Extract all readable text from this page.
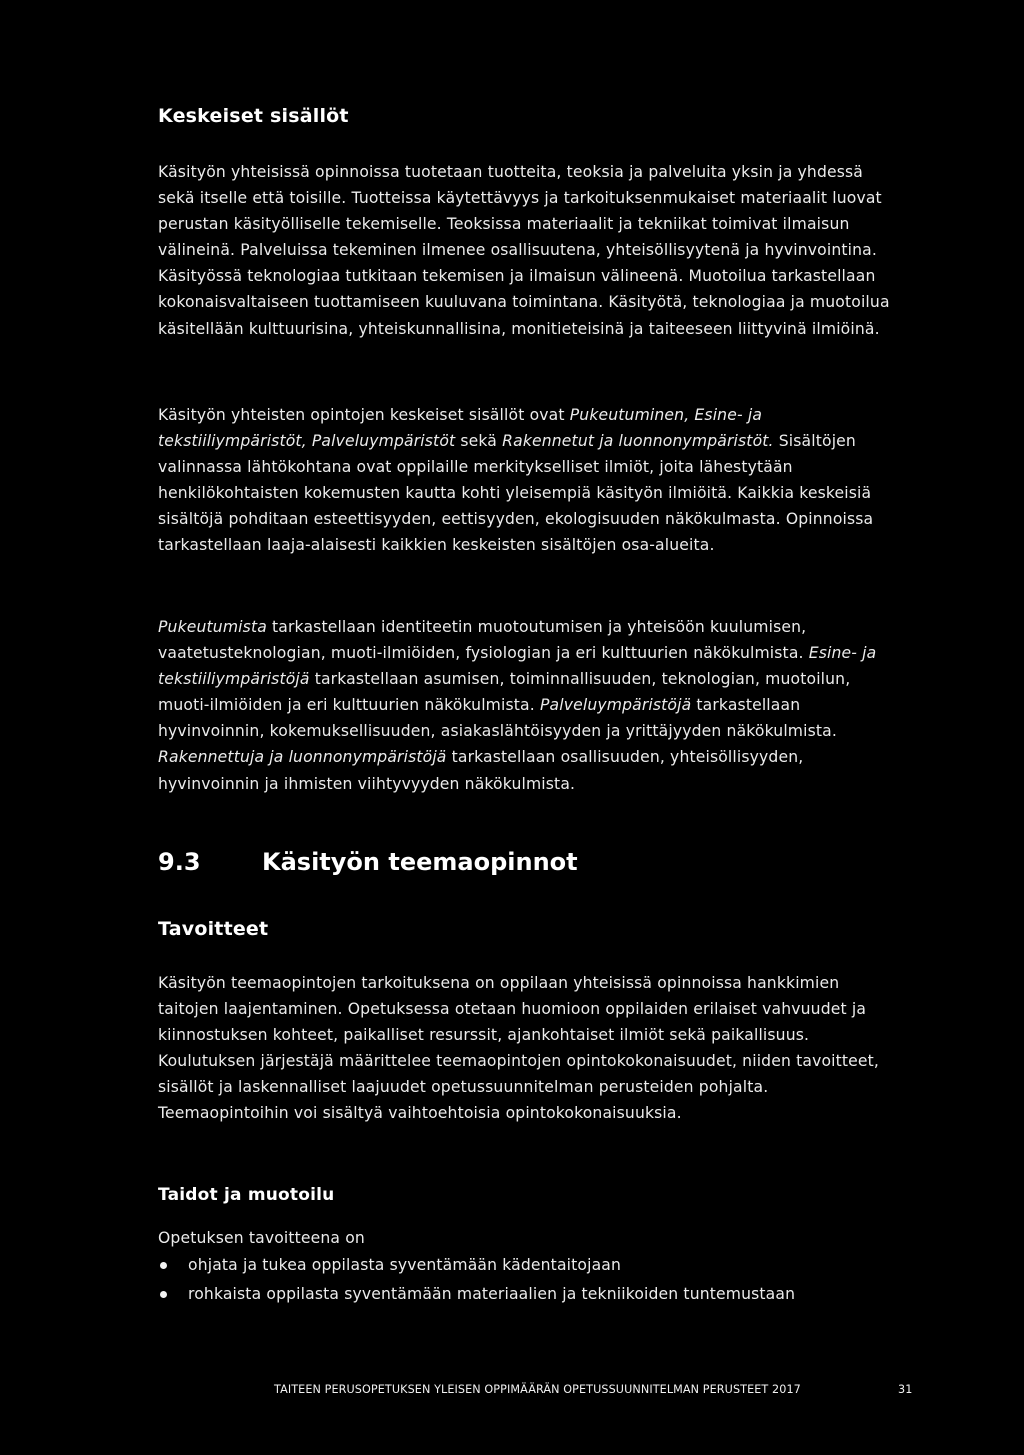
Keskeiset sisällöt

Käsityön yhteisissä opinnoissa tuotetaan tuotteita, teoksia ja palveluita yksin ja yhdessä sekä itselle että toisille. Tuotteissa käytettävyys ja tarkoituksenmukaiset materiaalit luovat perustan käsityölliselle tekemiselle. Teoksissa materiaalit ja tekniikat toimivat ilmaisun välineinä. Palveluissa tekeminen ilmenee osallisuutena, yhteisöllisyytenä ja hyvinvointina. Käsityössä teknologiaa tutkitaan tekemisen ja ilmaisun välineenä. Muotoilua tarkastellaan kokonaisvaltaiseen tuottamiseen kuuluvana toimintana. Käsityötä, teknologiaa ja muotoilua käsitellään kulttuurisina, yhteiskunnallisina, monitieteisinä ja taiteeseen liittyvinä ilmiöinä.

Käsityön yhteisten opintojen keskeiset sisällöt ovat Pukeutuminen, Esine- ja tekstiiliympäristöt, Palveluympäristöt sekä Rakennetut ja luonnonympäristöt. Sisältöjen valinnassa lähtökohtana ovat oppilaille merkitykselliset ilmiöt, joita lähestytään henkilökohtaisten kokemusten kautta kohti yleisempiä käsityön ilmiöitä. Kaikkia keskeisiä sisältöjä pohditaan esteettisyyden, eettisyyden, ekologisuuden näkökulmasta. Opinnoissa tarkastellaan laaja-alaisesti kaikkien keskeisten sisältöjen osa-alueita.

Pukeutumista tarkastellaan identiteetin muotoutumisen ja yhteisöön kuulumisen, vaatetusteknologian, muoti-ilmiöiden, fysiologian ja eri kulttuurien näkökulmista. Esine- ja tekstiiliympäristöjä tarkastellaan asumisen, toiminnallisuuden, teknologian, muotoilun, muoti-ilmiöiden ja eri kulttuurien näkökulmista. Palveluympäristöjä tarkastellaan hyvinvoinnin, kokemuksellisuuden, asiakaslähtöisyyden ja yrittäjyyden näkökulmista. Rakennettuja ja luonnonympäristöjä tarkastellaan osallisuuden, yhteisöllisyyden, hyvinvoinnin ja ihmisten viihtyvyyden näkökulmista.

9.3	Käsityön teemaopinnot
Tavoitteet

Käsityön teemaopintojen tarkoituksena on oppilaan yhteisissä opinnoissa hankkimien taitojen laajentaminen. Opetuksessa otetaan huomioon oppilaiden erilaiset vahvuudet ja kiinnostuksen kohteet, paikalliset resurssit, ajankohtaiset ilmiöt sekä paikallisuus. Koulutuksen järjestäjä määrittelee teemaopintojen opintokokonaisuudet, niiden tavoitteet, sisällöt ja laskennalliset laajuudet opetussuunnitelman perusteiden pohjalta. Teemaopintoihin voi sisältyä vaihtoehtoisia opintokokonaisuuksia.

Taidot ja muotoilu

Opetuksen tavoitteena on

ohjata ja tukea oppilasta syventämään kädentaitojaan
rohkaista oppilasta syventämään materiaalien ja tekniikoiden tuntemustaan
TAITEEN PERUSOPETUKSEN YLEISEN OPPIMÄÄRÄN OPETUSSUUNNITELMAN PERUSTEET 2017	31
